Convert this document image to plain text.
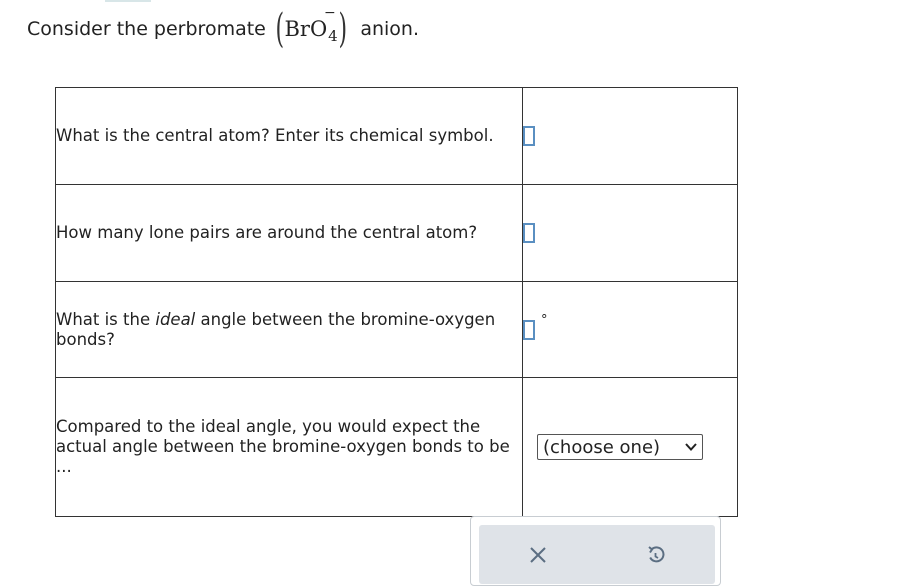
Consider the perbromate ( BrO 4
− ) anion.
What is the central atom? Enter its chemical symbol.	
How many lone pairs are around the central atom?	
What is the ideal angle between the bromine-oxygen bonds?	°
Compared to the ideal angle, you would expect the actual angle between the bromine-oxygen bonds to be ...	(choose one)
